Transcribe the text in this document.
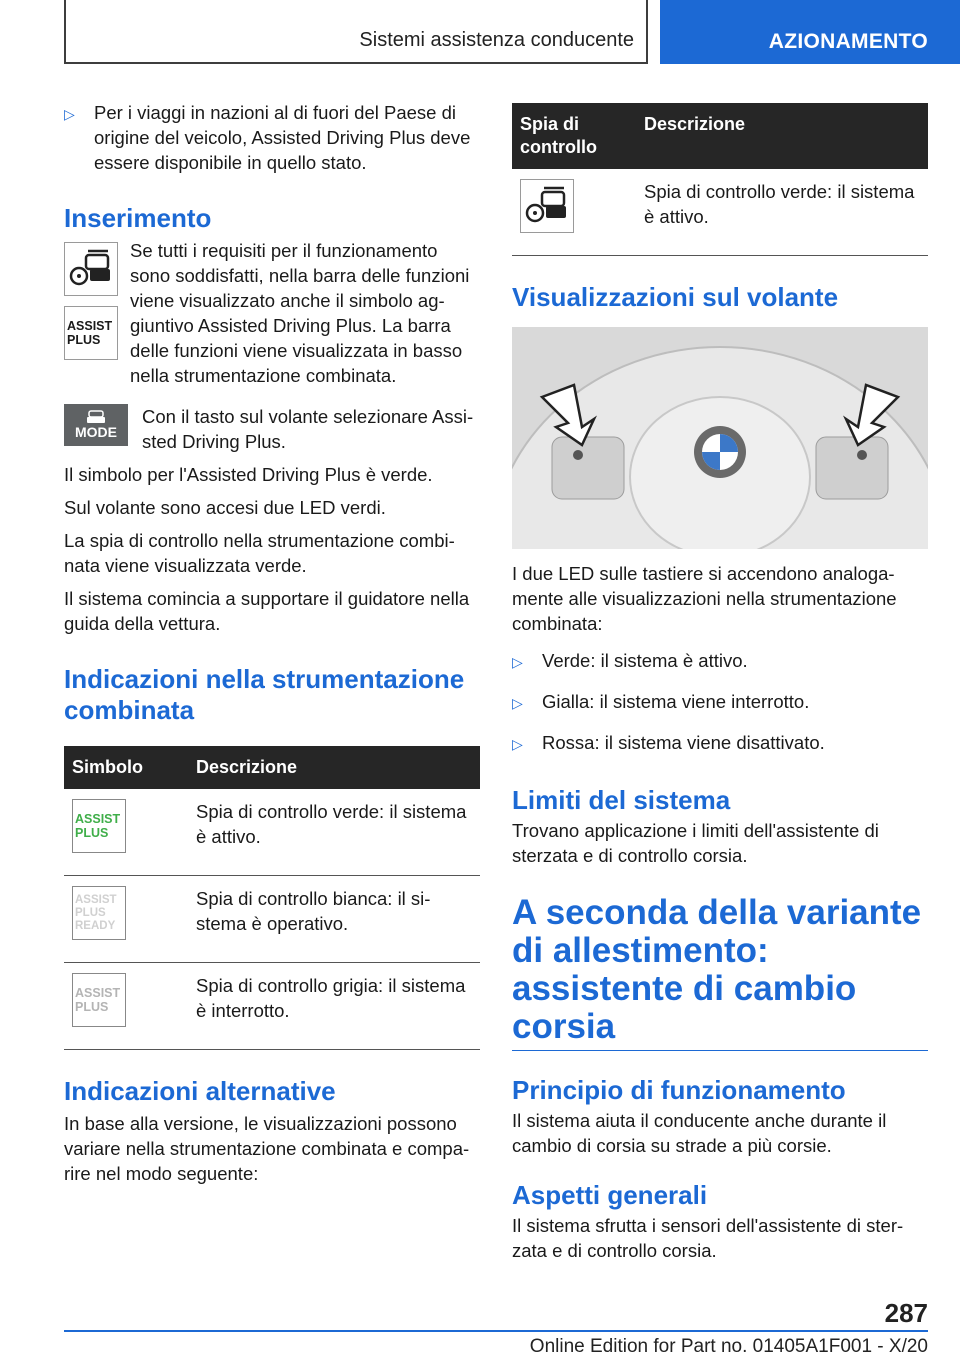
Sistemi assistenza conducente	AZIONAMENTO
▷	Per i viaggi in nazioni al di fuori del Paese di origine del veicolo, Assisted Driving Plus deve essere disponibile in quello stato.
Inserimento
ASSIST
PLUS

Se tutti i requisiti per il funzionamento sono soddisfatti, nella barra delle funzioni viene visualizzato anche il simbolo ag-giuntivo Assisted Driving Plus. La barra delle funzioni viene visualizzata in basso nella strumentazione combinata.

MODE

Con il tasto sul volante selezionare Assi-sted Driving Plus.

Il simbolo per l'Assisted Driving Plus è verde.

Sul volante sono accesi due LED verdi.

La spia di controllo nella strumentazione combi-nata viene visualizzata verde.

Il sistema comincia a supportare il guidatore nella guida della vettura.

Indicazioni nella strumentazione combinata
Simbolo	Descrizione

ASSIST
PLUS	Spia di controllo verde: il sistema è attivo.

ASSIST
PLUS
READY	Spia di controllo bianca: il si-stema è operativo.

ASSIST
PLUS	Spia di controllo grigia: il sistema è interrotto.
Indicazioni alternative

In base alla versione, le visualizzazioni possono variare nella strumentazione combinata e compa-rire nel modo seguente:

Spia di controllo	Descrizione

	Spia di controllo verde: il sistema è attivo.
Visualizzazioni sul volante

I due LED sulle tastiere si accendono analoga-mente alle visualizzazioni nella strumentazione combinata:

▷	Verde: il sistema è attivo.
▷	Gialla: il sistema viene interrotto.
▷	Rossa: il sistema viene disattivato.
Limiti del sistema

Trovano applicazione i limiti dell'assistente di sterzata e di controllo corsia.

A seconda della variante di allestimento: assistente di cambio corsia
Principio di funzionamento

Il sistema aiuta il conducente anche durante il cambio di corsia su strade a più corsie.

Aspetti generali

Il sistema sfrutta i sensori dell'assistente di ster-zata e di controllo corsia.

287
Online Edition for Part no. 01405A1F001 - X/20
